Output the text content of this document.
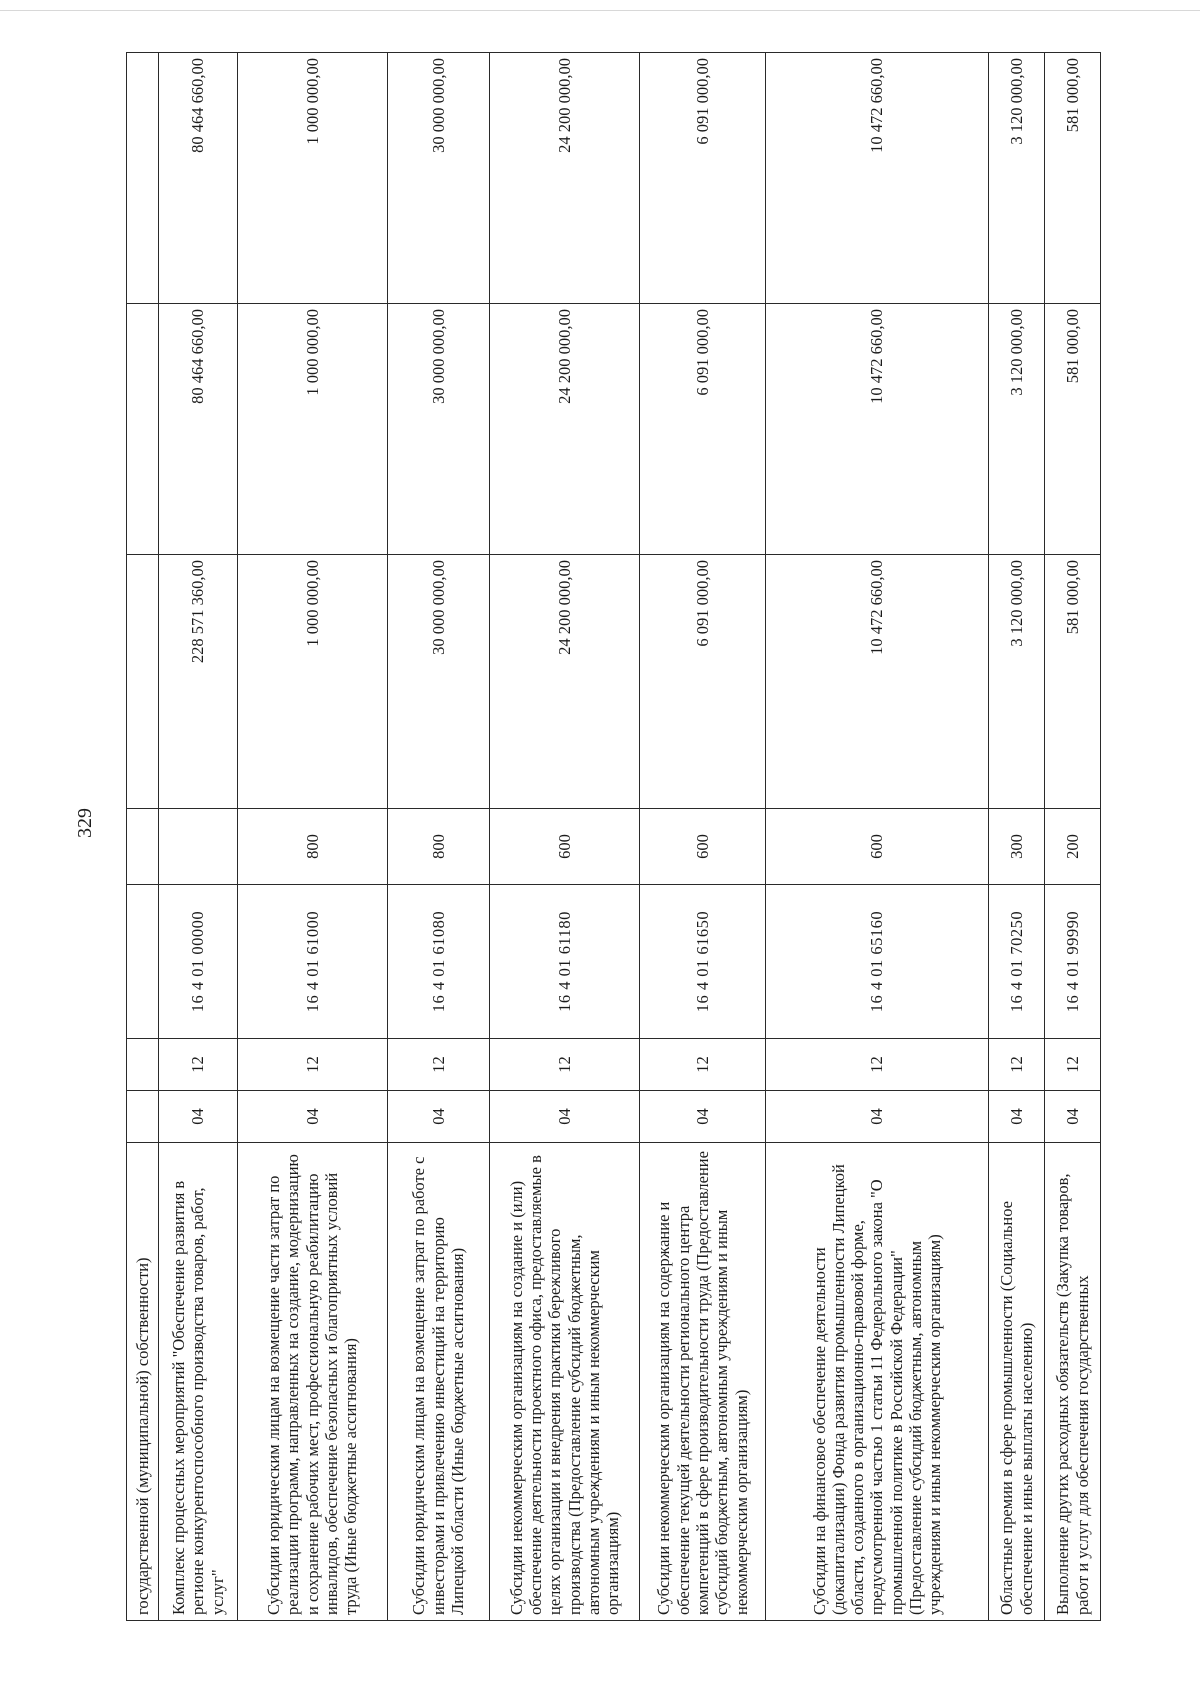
329
государственной (муниципальной) собственности)							
Комплекс процессных мероприятий "Обеспечение развития в регионе конкурентоспособного производства товаров, работ, услуг"	04	12	16 4 01 00000		228 571 360,00	80 464 660,00	80 464 660,00
Субсидии юридическим лицам на возмещение части затрат по реализации программ, направленных на создание, модернизацию и сохранение рабочих мест, профессиональную реабилитацию инвалидов, обеспечение безопасных и благоприятных условий труда (Иные бюджетные ассигнования)	04	12	16 4 01 61000	800	1 000 000,00	1 000 000,00	1 000 000,00
Субсидии юридическим лицам на возмещение затрат по работе с инвесторами и привлечению инвестиций на территорию Липецкой области (Иные бюджетные ассигнования)	04	12	16 4 01 61080	800	30 000 000,00	30 000 000,00	30 000 000,00
Субсидии некоммерческим организациям на создание и (или) обеспечение деятельности проектного офиса, предоставляемые в целях организации и внедрения практики бережливого производства (Предоставление субсидий бюджетным, автономным учреждениям и иным некоммерческим организациям)	04	12	16 4 01 61180	600	24 200 000,00	24 200 000,00	24 200 000,00
Субсидии некоммерческим организациям на содержание и обеспечение текущей деятельности регионального центра компетенций в сфере производительности труда (Предоставление субсидий бюджетным, автономным учреждениям и иным некоммерческим организациям)	04	12	16 4 01 61650	600	6 091 000,00	6 091 000,00	6 091 000,00
Субсидии на финансовое обеспечение деятельности (докапитализации) Фонда развития промышленности Липецкой области, созданного в организационно-правовой форме, предусмотренной частью 1 статьи 11 Федерального закона "О промышленной политике в Российской Федерации" (Предоставление субсидий бюджетным, автономным учреждениям и иным некоммерческим организациям)	04	12	16 4 01 65160	600	10 472 660,00	10 472 660,00	10 472 660,00
Областные премии в сфере промышленности (Социальное обеспечение и иные выплаты населению)	04	12	16 4 01 70250	300	3 120 000,00	3 120 000,00	3 120 000,00
Выполнение других расходных обязательств (Закупка товаров, работ и услуг для обеспечения государственных	04	12	16 4 01 99990	200	581 000,00	581 000,00	581 000,00
